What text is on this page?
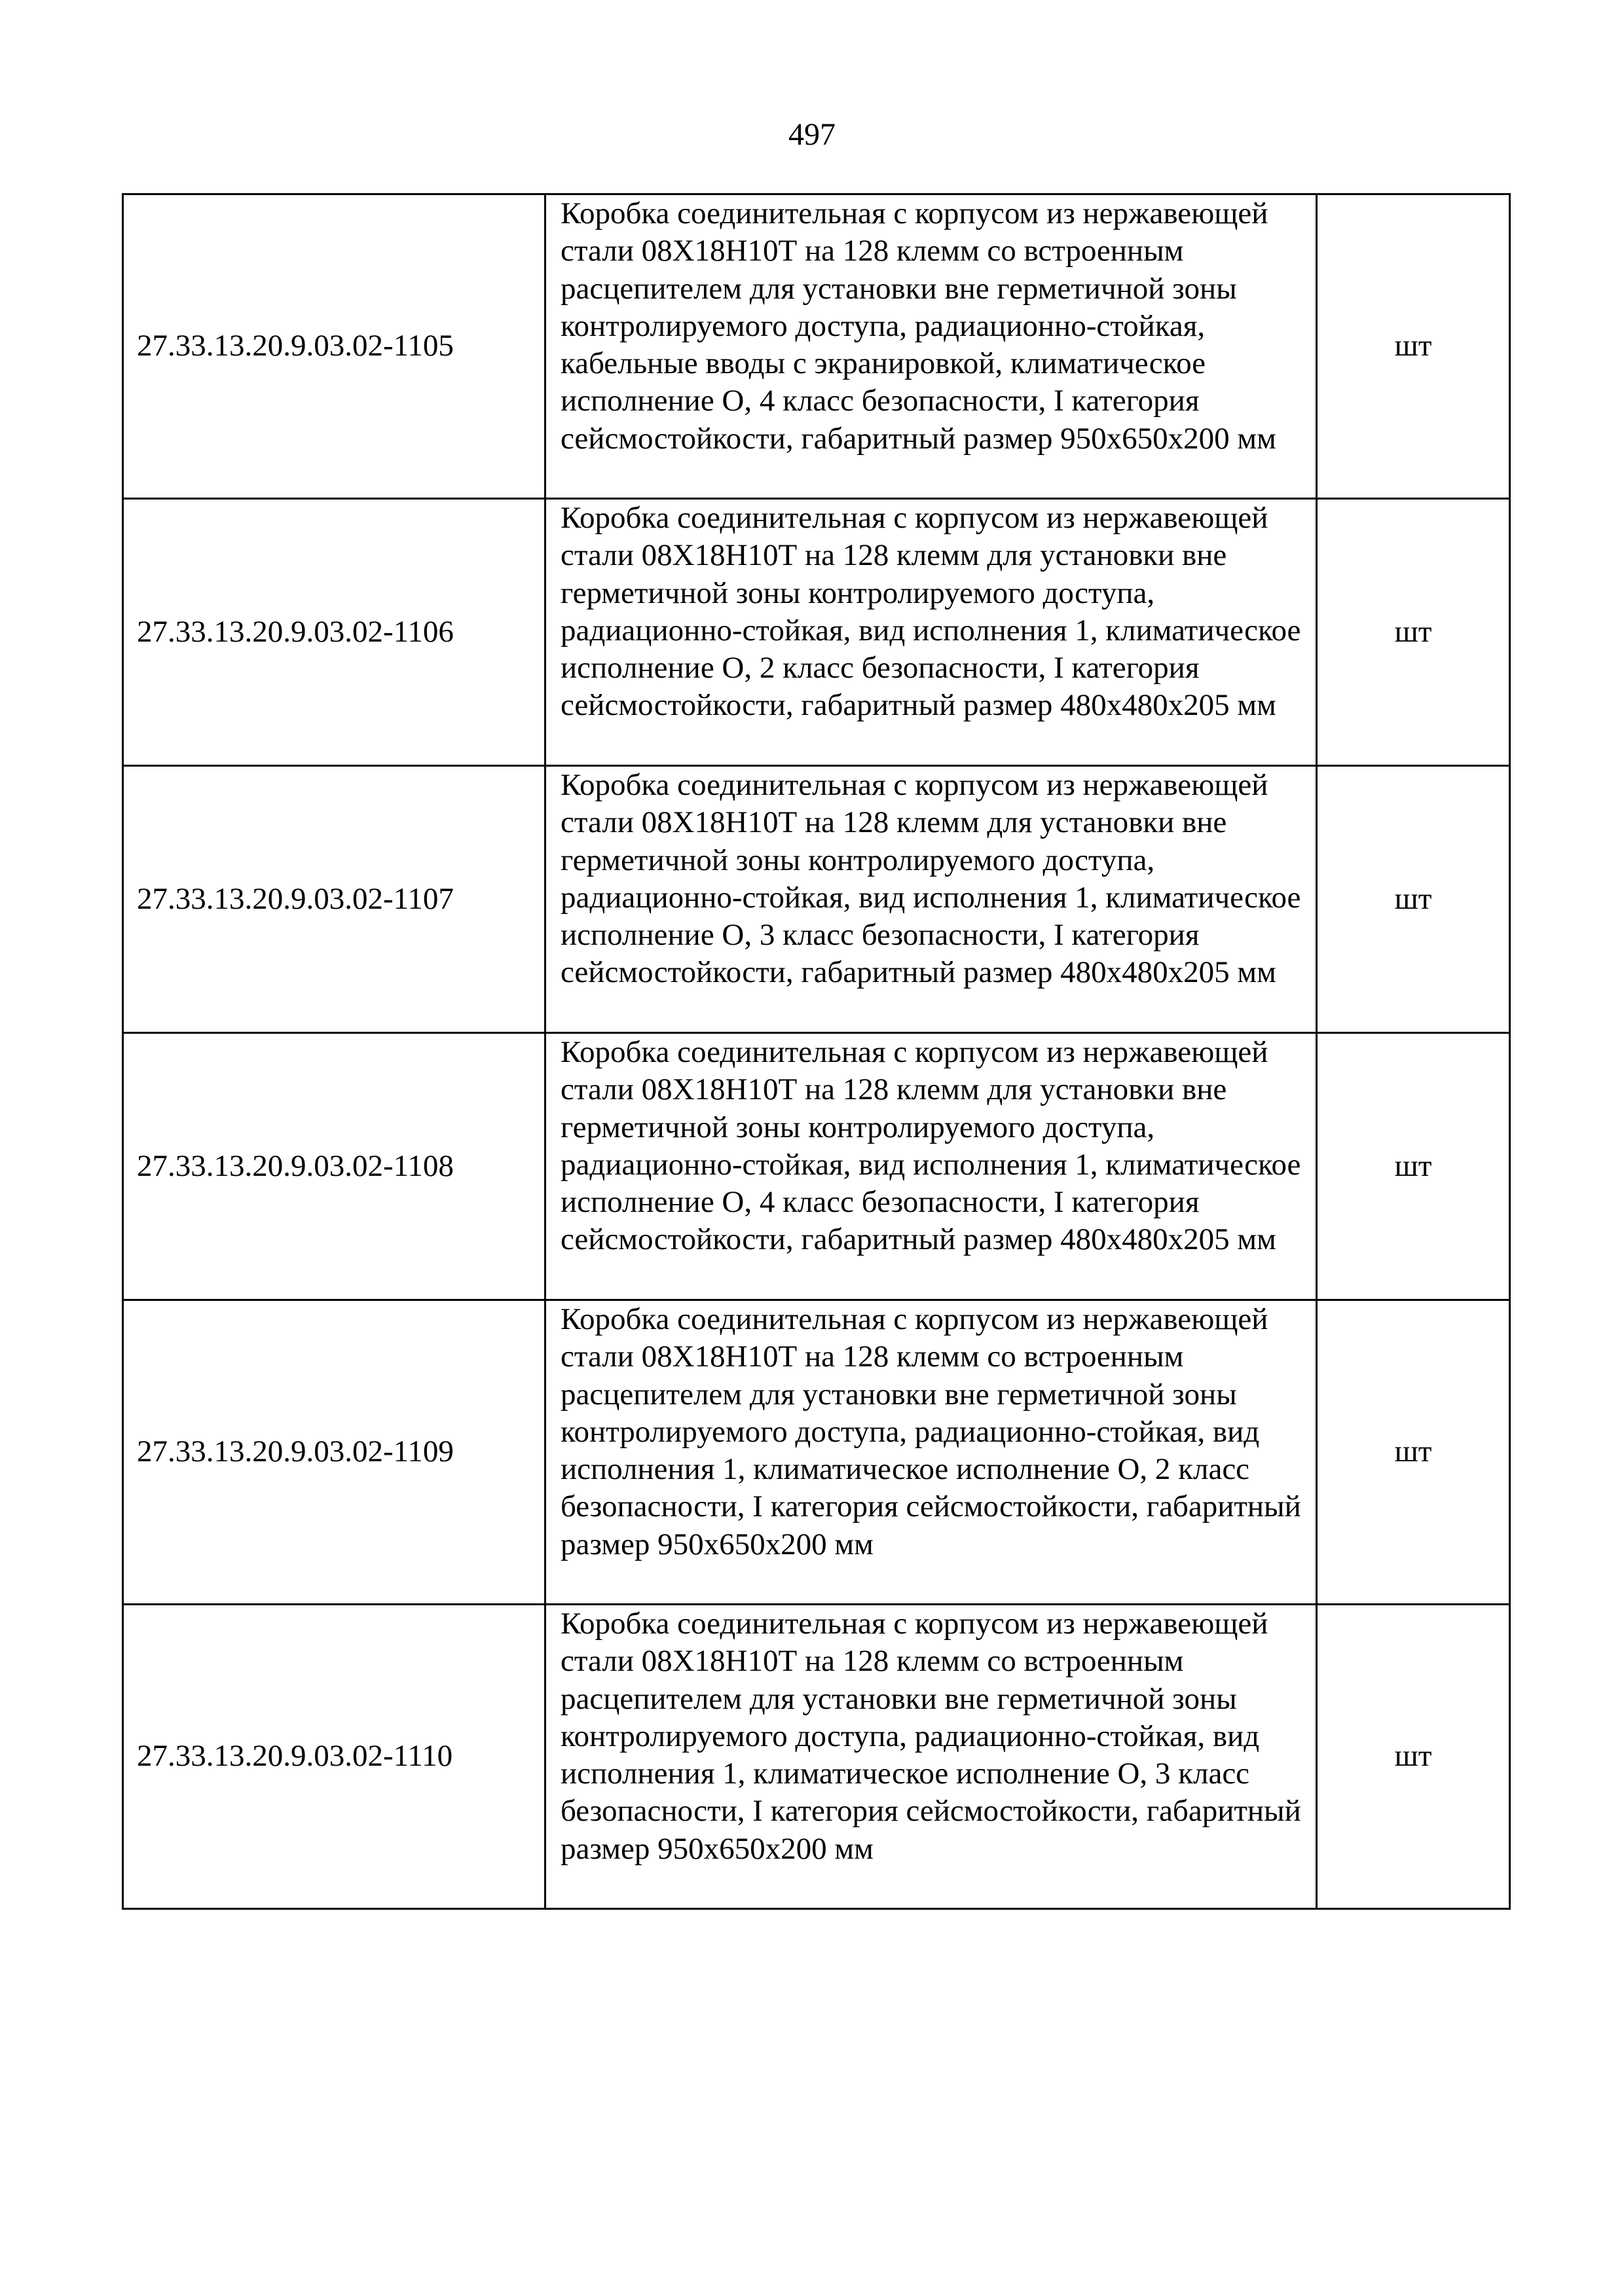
497
27.33.13.20.9.03.02-1105	Коробка соединительная с корпусом из нержавеющей стали 08Х18Н10Т на 128 клемм со встроенным расцепителем для установки вне герметичной зоны контролируемого доступа, радиационно-стойкая, кабельные вводы с экранировкой, климатическое исполнение О, 4 класс безопасности, I категория сейсмостойкости, габаритный размер 950х650х200 мм	шт
27.33.13.20.9.03.02-1106	Коробка соединительная с корпусом из нержавеющей стали 08Х18Н10Т на 128 клемм для установки вне герметичной зоны контролируемого доступа, радиационно-стойкая, вид исполнения 1, климатическое исполнение О, 2 класс безопасности, I категория сейсмостойкости, габаритный размер 480х480х205 мм	шт
27.33.13.20.9.03.02-1107	Коробка соединительная с корпусом из нержавеющей стали 08Х18Н10Т на 128 клемм для установки вне герметичной зоны контролируемого доступа, радиационно-стойкая, вид исполнения 1, климатическое исполнение О, 3 класс безопасности, I категория сейсмостойкости, габаритный размер 480х480х205 мм	шт
27.33.13.20.9.03.02-1108	Коробка соединительная с корпусом из нержавеющей стали 08Х18Н10Т на 128 клемм для установки вне герметичной зоны контролируемого доступа, радиационно-стойкая, вид исполнения 1, климатическое исполнение О, 4 класс безопасности, I категория сейсмостойкости, габаритный размер 480х480х205 мм	шт
27.33.13.20.9.03.02-1109	Коробка соединительная с корпусом из нержавеющей стали 08Х18Н10Т на 128 клемм со встроенным расцепителем для установки вне герметичной зоны контролируемого доступа, радиационно-стойкая, вид исполнения 1, климатическое исполнение О, 2 класс безопасности, I категория сейсмостойкости, габаритный размер 950х650х200 мм	шт
27.33.13.20.9.03.02-1110	Коробка соединительная с корпусом из нержавеющей стали 08Х18Н10Т на 128 клемм со встроенным расцепителем для установки вне герметичной зоны контролируемого доступа, радиационно-стойкая, вид исполнения 1, климатическое исполнение О, 3 класс безопасности, I категория сейсмостойкости, габаритный размер 950х650х200 мм	шт
